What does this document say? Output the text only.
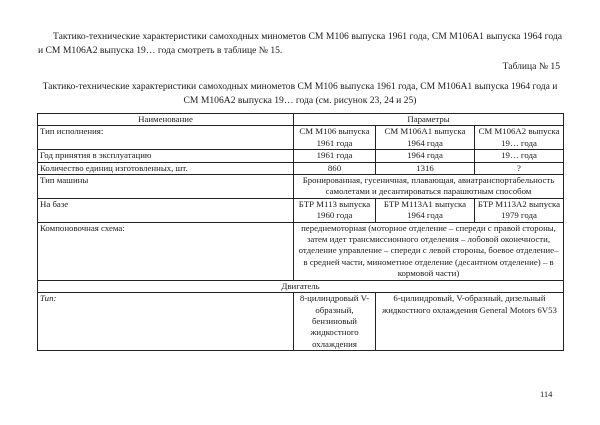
Тактико-технические характеристики самоходных минометов СМ М106 выпуска 1961 года, СМ М106А1 выпуска 1964 года и СМ М106А2 выпуска 19… года смотреть в таблице № 15.
Таблица № 15
Тактико-технические характеристики самоходных минометов СМ М106 выпуска 1961 года, СМ М106А1 выпуска 1964 года и СМ М106А2 выпуска 19… года (см. рисунок 23, 24 и 25)
Наименование	Параметры		
Тип исполнения:	СМ М106 выпуска 1961 года	СМ М106А1 выпуска 1964 года	СМ М106А2 выпуска 19… года
Год принятия в эксплуатацию	1961 года	1964 года	19… года
Количество единиц изготовленных, шт.	860	1316	?
Тип машины	Бронированная, гусеничная, плавающая, авиатранспортабельность самолетами и десантироваться парашютным способом		
На базе	БТР М113 выпуска 1960 года	БТР М113А1 выпуска 1964 года	БТР М113А2 выпуска 1979 года
Компоновочная схема:	переднемоторная (моторное отделение – спереди с правой стороны, затем идет трансмиссионного отделения – лобовой оконечности, отделение управление – спереди с левой стороны, боевое отделение– в средней части, минометное отделение (десантном отделение) – в кормовой части)		
Двигатель			
Тип:	8-цилиндровый V-образный, бензиновый жидкостного охлаждения	6-цилиндровый, V-образный, дизельный жидкостного охлаждения General Motors 6V53	
114
